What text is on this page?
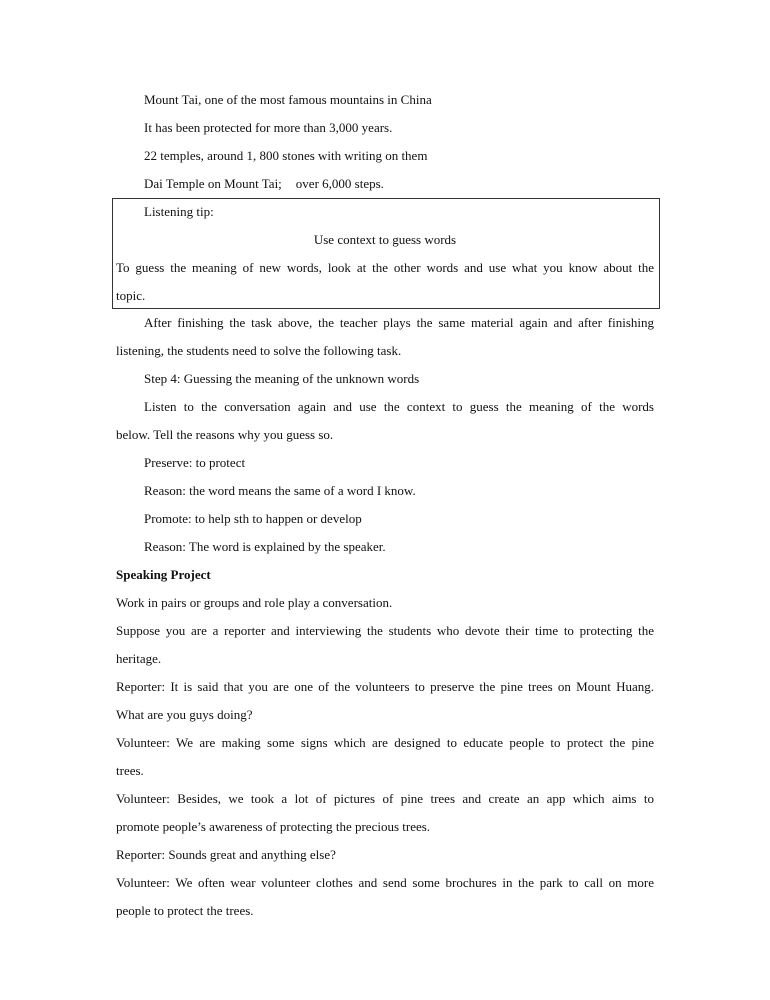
Mount Tai, one of the most famous mountains in China
It has been protected for more than 3,000 years.
22 temples, around 1, 800 stones with writing on them
Dai Temple on Mount Tai; over 6,000 steps.
Listening tip:
Use context to guess words
To guess the meaning of new words, look at the other words and use what you know about the
topic.
After finishing the task above, the teacher plays the same material again and after finishing
listening, the students need to solve the following task.
Step 4: Guessing the meaning of the unknown words
Listen to the conversation again and use the context to guess the meaning of the words
below. Tell the reasons why you guess so.
Preserve: to protect
Reason: the word means the same of a word I know.
Promote: to help sth to happen or develop
Reason: The word is explained by the speaker.
Speaking Project
Work in pairs or groups and role play a conversation.
Suppose you are a reporter and interviewing the students who devote their time to protecting the
heritage.
Reporter: It is said that you are one of the volunteers to preserve the pine trees on Mount Huang.
What are you guys doing?
Volunteer: We are making some signs which are designed to educate people to protect the pine
trees.
Volunteer: Besides, we took a lot of pictures of pine trees and create an app which aims to
promote people’s awareness of protecting the precious trees.
Reporter: Sounds great and anything else?
Volunteer: We often wear volunteer clothes and send some brochures in the park to call on more
people to protect the trees.
